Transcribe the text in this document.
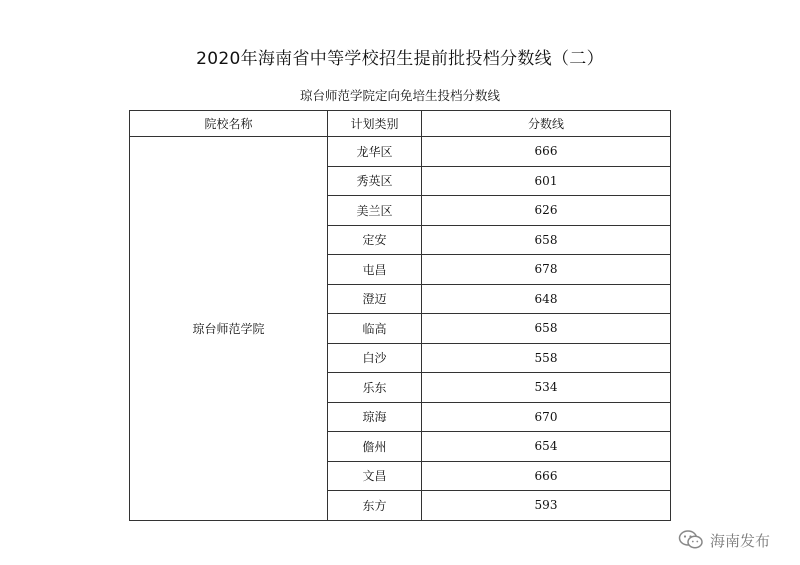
2020年海南省中等学校招生提前批投档分数线（二）
琼台师范学院定向免培生投档分数线
院校名称	计划类别	分数线
琼台师范学院	龙华区	666
	秀英区	601
	美兰区	626
	定安	658
	屯昌	678
	澄迈	648
	临高	658
	白沙	558
	乐东	534
	琼海	670
	儋州	654
	文昌	666
	东方	593
海南发布
